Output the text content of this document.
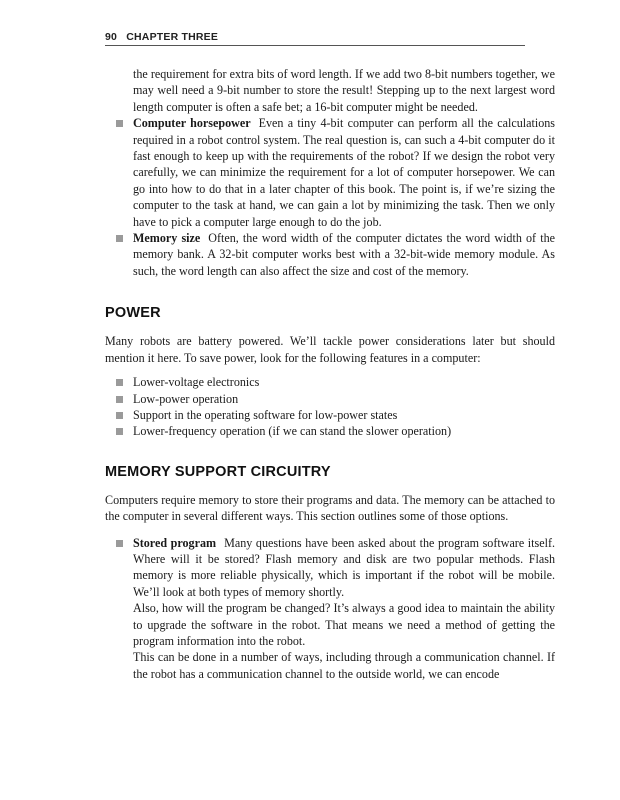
90 CHAPTER THREE

the requirement for extra bits of word length. If we add two 8-bit numbers together, we may well need a 9-bit number to store the result! Stepping up to the next largest word length computer is often a safe bet; a 16-bit computer might be needed.

Computer horsepower Even a tiny 4-bit computer can perform all the calculations required in a robot control system. The real question is, can such a 4-bit computer do it fast enough to keep up with the requirements of the robot? If we design the robot very carefully, we can minimize the requirement for a lot of computer horsepower. We can go into how to do that in a later chapter of this book. The point is, if we’re sizing the computer to the task at hand, we can gain a lot by minimizing the task. Then we only have to pick a computer large enough to do the job.
Memory size Often, the word width of the computer dictates the word width of the memory bank. A 32-bit computer works best with a 32-bit-wide memory module. As such, the word length can also affect the size and cost of the memory.
POWER

Many robots are battery powered. We’ll tackle power considerations later but should mention it here. To save power, look for the following features in a computer:

Lower-voltage electronics
Low-power operation
Support in the operating software for low-power states
Lower-frequency operation (if we can stand the slower operation)
MEMORY SUPPORT CIRCUITRY

Computers require memory to store their programs and data. The memory can be attached to the computer in several different ways. This section outlines some of those options.

Stored program Many questions have been asked about the program software itself. Where will it be stored? Flash memory and disk are two popular methods. Flash memory is more reliable physically, which is important if the robot will be mobile. We’ll look at both types of memory shortly.

Also, how will the program be changed? It’s always a good idea to maintain the ability to upgrade the software in the robot. That means we need a method of getting the program information into the robot.

This can be done in a number of ways, including through a communication channel. If the robot has a communication channel to the outside world, we can encode
